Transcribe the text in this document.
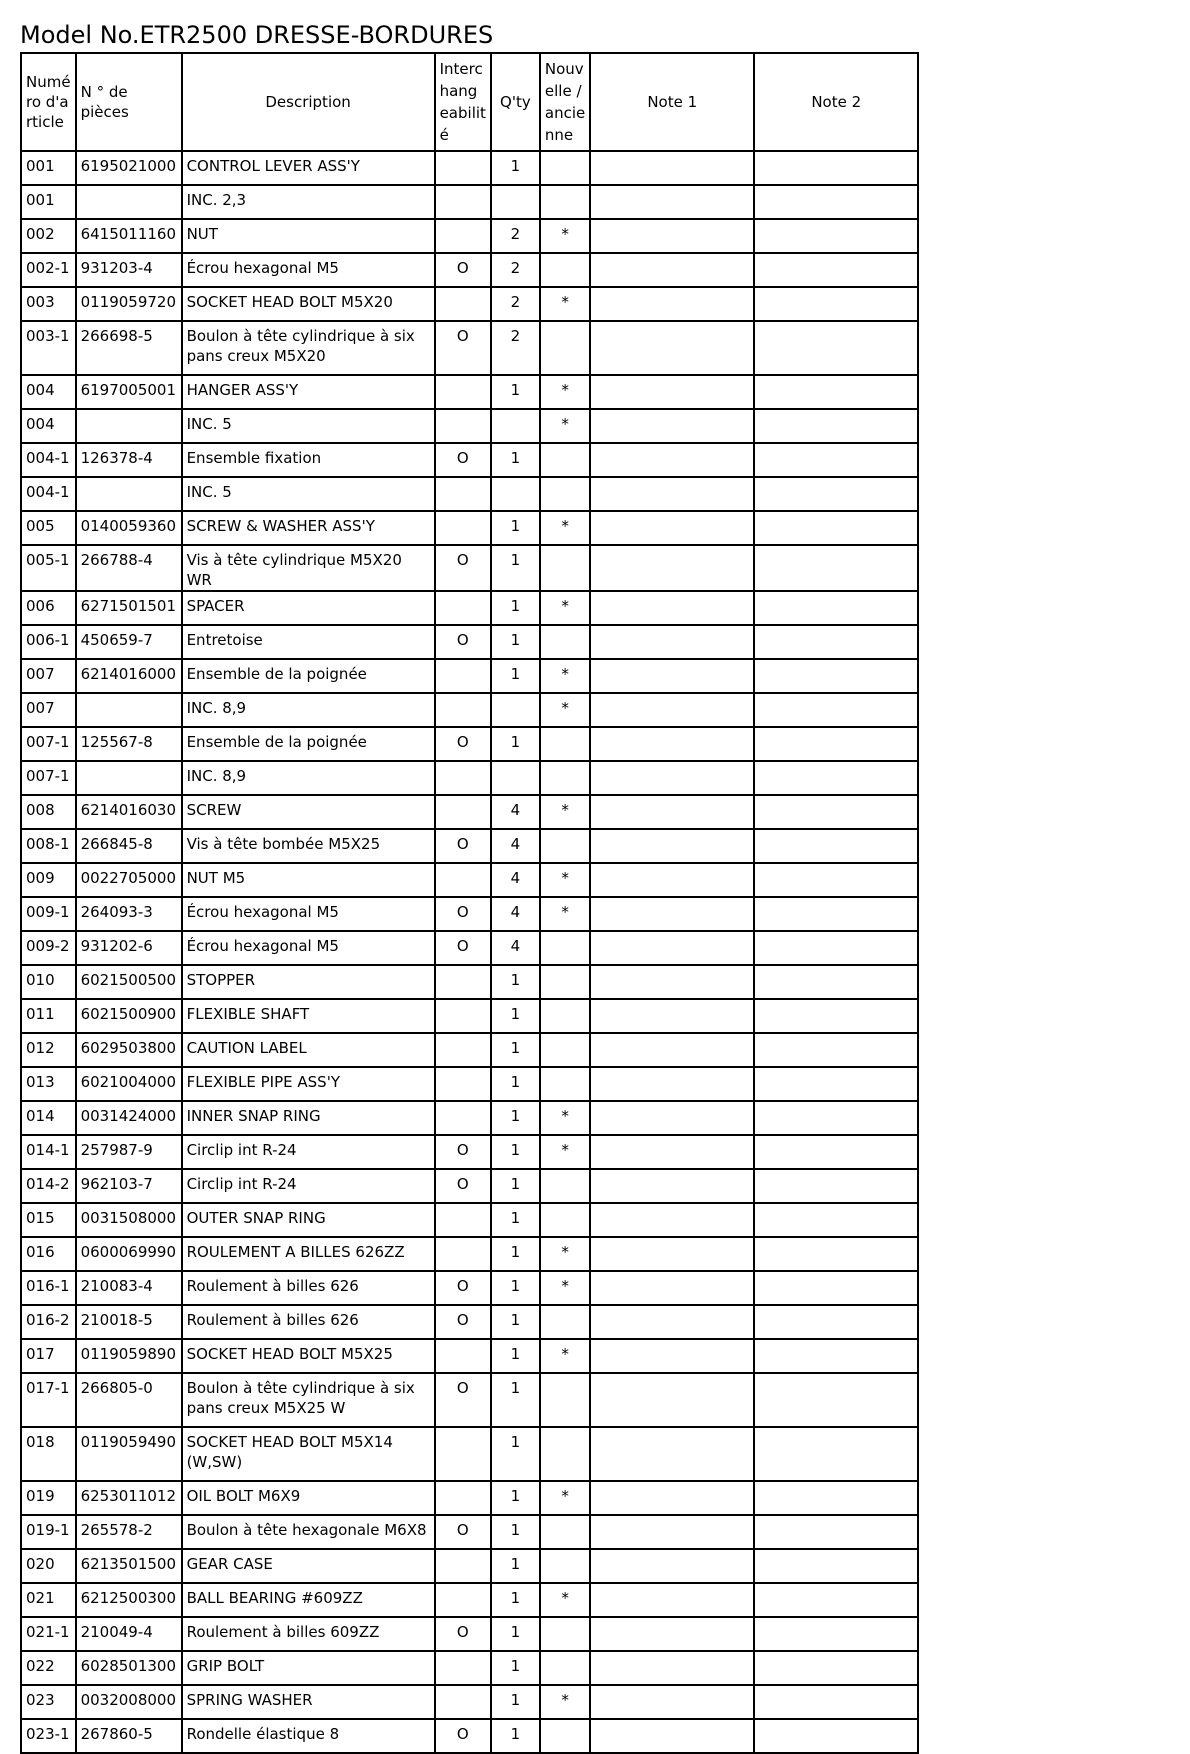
Model No.ETR2500 DRESSE-BORDURES
Numé ro d'a rticle	N ° de pièces	Description	Interc hang eabilit é	Q'ty	Nouv elle / ancie nne	Note 1	Note 2
001	6195021000	CONTROL LEVER ASS'Y		1			
001		INC. 2,3					
002	6415011160	NUT		2	*		
002-1	931203-4	Écrou hexagonal M5	O	2			
003	0119059720	SOCKET HEAD BOLT M5X20		2	*		
003-1	266698-5	Boulon à tête cylindrique à six pans creux M5X20	O	2			
004	6197005001	HANGER ASS'Y		1	*		
004		INC. 5			*		
004-1	126378-4	Ensemble fixation	O	1			
004-1		INC. 5					
005	0140059360	SCREW & WASHER ASS'Y		1	*		
005-1	266788-4	Vis à tête cylindrique M5X20 WR	O	1			
006	6271501501	SPACER		1	*		
006-1	450659-7	Entretoise	O	1			
007	6214016000	Ensemble de la poignée		1	*		
007		INC. 8,9			*		
007-1	125567-8	Ensemble de la poignée	O	1			
007-1		INC. 8,9					
008	6214016030	SCREW		4	*		
008-1	266845-8	Vis à tête bombée M5X25	O	4			
009	0022705000	NUT M5		4	*		
009-1	264093-3	Écrou hexagonal M5	O	4	*		
009-2	931202-6	Écrou hexagonal M5	O	4			
010	6021500500	STOPPER		1			
011	6021500900	FLEXIBLE SHAFT		1			
012	6029503800	CAUTION LABEL		1			
013	6021004000	FLEXIBLE PIPE ASS'Y		1			
014	0031424000	INNER SNAP RING		1	*		
014-1	257987-9	Circlip int R-24	O	1	*		
014-2	962103-7	Circlip int R-24	O	1			
015	0031508000	OUTER SNAP RING		1			
016	0600069990	ROULEMENT A BILLES 626ZZ		1	*		
016-1	210083-4	Roulement à billes 626	O	1	*		
016-2	210018-5	Roulement à billes 626	O	1			
017	0119059890	SOCKET HEAD BOLT M5X25		1	*		
017-1	266805-0	Boulon à tête cylindrique à six pans creux M5X25 W	O	1			
018	0119059490	SOCKET HEAD BOLT M5X14 (W,SW)		1			
019	6253011012	OIL BOLT M6X9		1	*		
019-1	265578-2	Boulon à tête hexagonale M6X8	O	1			
020	6213501500	GEAR CASE		1			
021	6212500300	BALL BEARING #609ZZ		1	*		
021-1	210049-4	Roulement à billes 609ZZ	O	1			
022	6028501300	GRIP BOLT		1			
023	0032008000	SPRING WASHER		1	*		
023-1	267860-5	Rondelle élastique 8	O	1			
